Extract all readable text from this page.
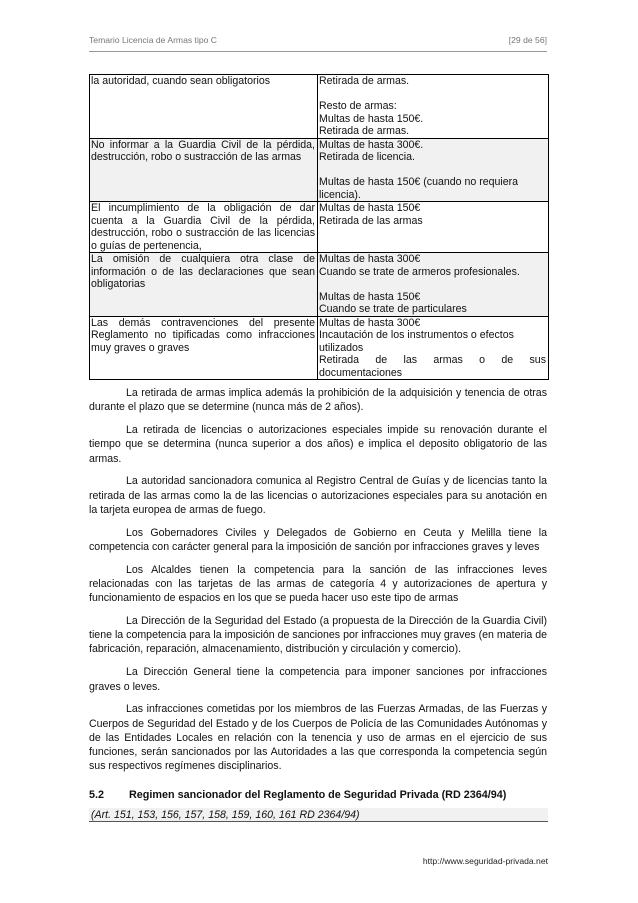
Temario Licencia de Armas tipo C	[29 de 56]
la autoridad, cuando sean obligatorios	Retirada de armas.
Resto de armas:
Multas de hasta 150€.
Retirada de armas.

No informar a la Guardia Civil de la pérdida, destrucción, robo o sustracción de las armas	Multas de hasta 300€.
Retirada de licencia.
Multas de hasta 150€ (cuando no requiera licencia).

El incumplimiento de la obligación de dar cuenta a la Guardia Civil de la pérdida, destrucción, robo o sustracción de las licencias o guías de pertenencia,	Multas de hasta 150€
Retirada de las armas

La omisión de cualquiera otra clase de información o de las declaraciones que sean obligatorias	Multas de hasta 300€
Cuando se trate de armeros profesionales.
Multas de hasta 150€
Cuando se trate de particulares

Las demás contravenciones del presente Reglamento no tipificadas como infracciones muy graves o graves	Multas de hasta 300€
Incautación de los instrumentos o efectos utilizados
Retirada de las armas o de sus
documentaciones

La retirada de armas implica además la prohibición de la adquisición y tenencia de otras durante el plazo que se determine (nunca más de 2 años).

La retirada de licencias o autorizaciones especiales impide su renovación durante el tiempo que se determina (nunca superior a dos años) e implica el deposito obligatorio de las armas.

La autoridad sancionadora comunica al Registro Central de Guías y de licencias tanto la retirada de las armas como la de las licencias o autorizaciones especiales para su anotación en la tarjeta europea de armas de fuego.

Los Gobernadores Civiles y Delegados de Gobierno en Ceuta y Melilla tiene la competencia con carácter general para la imposición de sanción por infracciones graves y leves

Los Alcaldes tienen la competencia para la sanción de las infracciones leves relacionadas con las tarjetas de las armas de categoría 4 y autorizaciones de apertura y funcionamiento de espacios en los que se pueda hacer uso este tipo de armas

La Dirección de la Seguridad del Estado (a propuesta de la Dirección de la Guardia Civil) tiene la competencia para la imposición de sanciones por infracciones muy graves (en materia de fabricación, reparación, almacenamiento, distribución y circulación y comercio).

La Dirección General tiene la competencia para imponer sanciones por infracciones graves o leves.

Las infracciones cometidas por los miembros de las Fuerzas Armadas, de las Fuerzas y Cuerpos de Seguridad del Estado y de los Cuerpos de Policía de las Comunidades Autónomas y de las Entidades Locales en relación con la tenencia y uso de armas en el ejercicio de sus funciones, serán sancionados por las Autoridades a las que corresponda la competencia según sus respectivos regímenes disciplinarios.

5.2 Regimen sancionador del Reglamento de Seguridad Privada (RD 2364/94)
(Art. 151, 153, 156, 157, 158, 159, 160, 161 RD 2364/94)
http://www.seguridad-privada.net
